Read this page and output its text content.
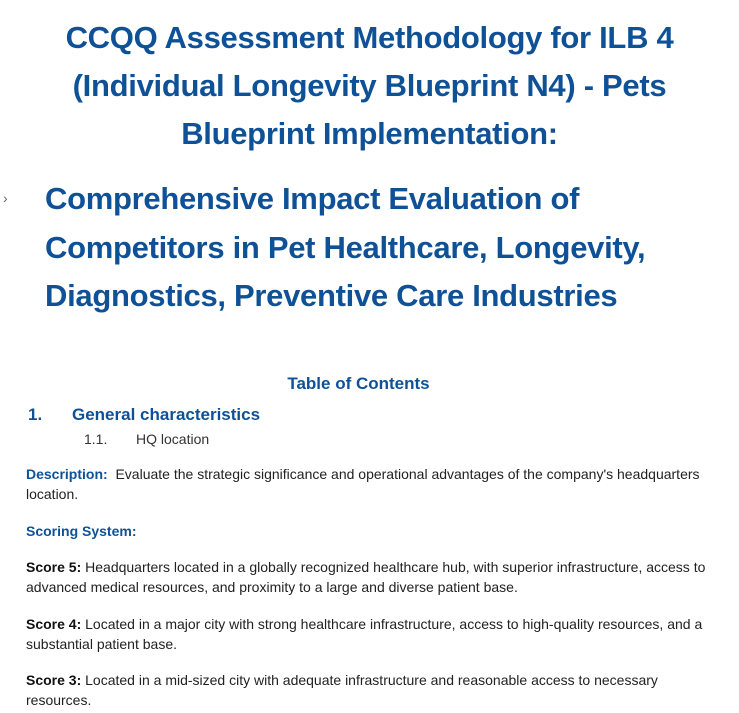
CCQQ Assessment Methodology for ILB 4 (Individual Longevity Blueprint N4) - Pets Blueprint Implementation:
› Comprehensive Impact Evaluation of Competitors in Pet Healthcare, Longevity, Diagnostics, Preventive Care Industries
Table of Contents
1. General characteristics
1.1. HQ location

Description: Evaluate the strategic significance and operational advantages of the company's headquarters location.

Scoring System:

Score 5: Headquarters located in a globally recognized healthcare hub, with superior infrastructure, access to advanced medical resources, and proximity to a large and diverse patient base.

Score 4: Located in a major city with strong healthcare infrastructure, access to high-quality resources, and a substantial patient base.

Score 3: Located in a mid-sized city with adequate infrastructure and reasonable access to necessary resources.
